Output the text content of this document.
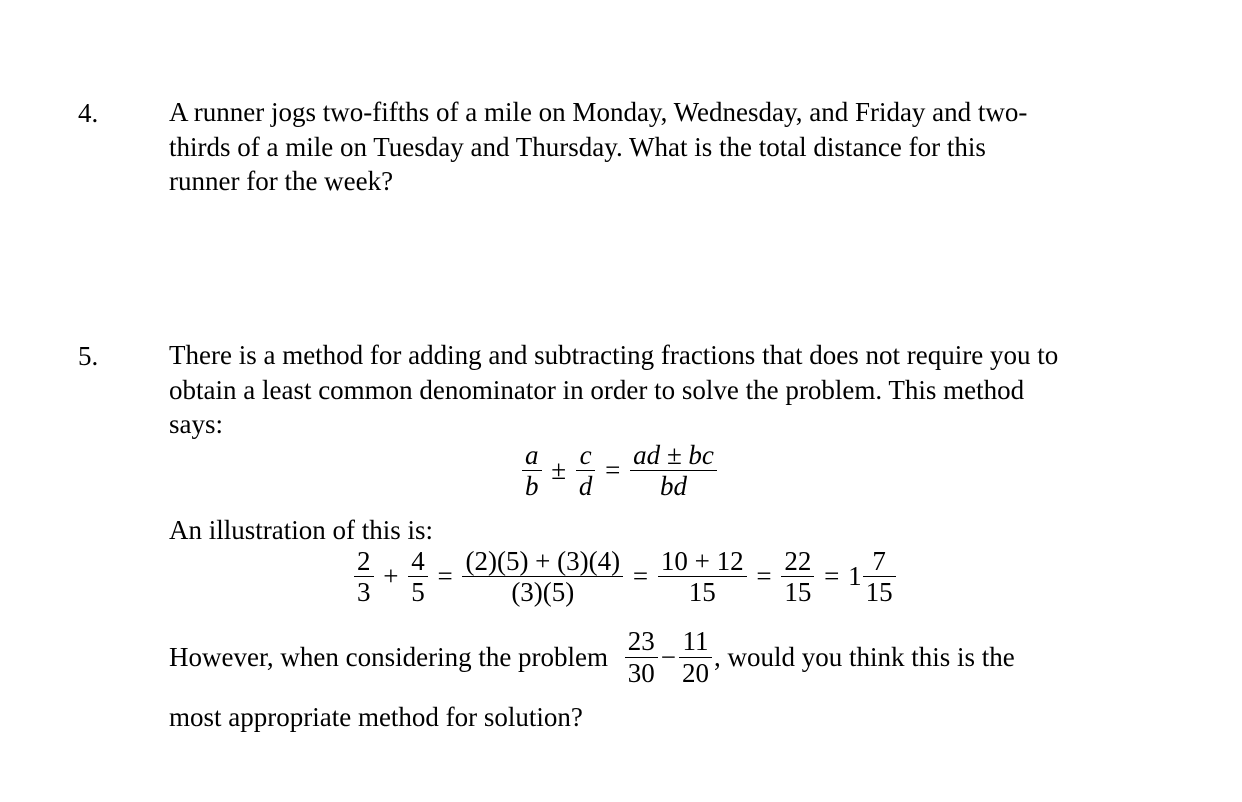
4.	A runner jogs two-fifths of a mile on Monday, Wednesday, and Friday and two-
thirds of a mile on Tuesday and Thursday. What is the total distance for this
runner for the week?
5.	There is a method for adding and subtracting fractions that does not require you to
obtain a least common denominator in order to solve the problem. This method
says:
$\frac{a}{b} \pm \frac{c}{d} = \frac{ad \pm bc}{bd}$
An illustration of this is:
$\frac{2}{3} + \frac{4}{5} = \frac{(2)(5) + (3)(4)}{(3)(5)} = \frac{10 + 12}{15} = \frac{22}{15} = 1 \frac{7}{15}$
However, when considering the problem $\frac{23}{30} - \frac{11}{20}$ , would you think this is the
most appropriate method for solution?
